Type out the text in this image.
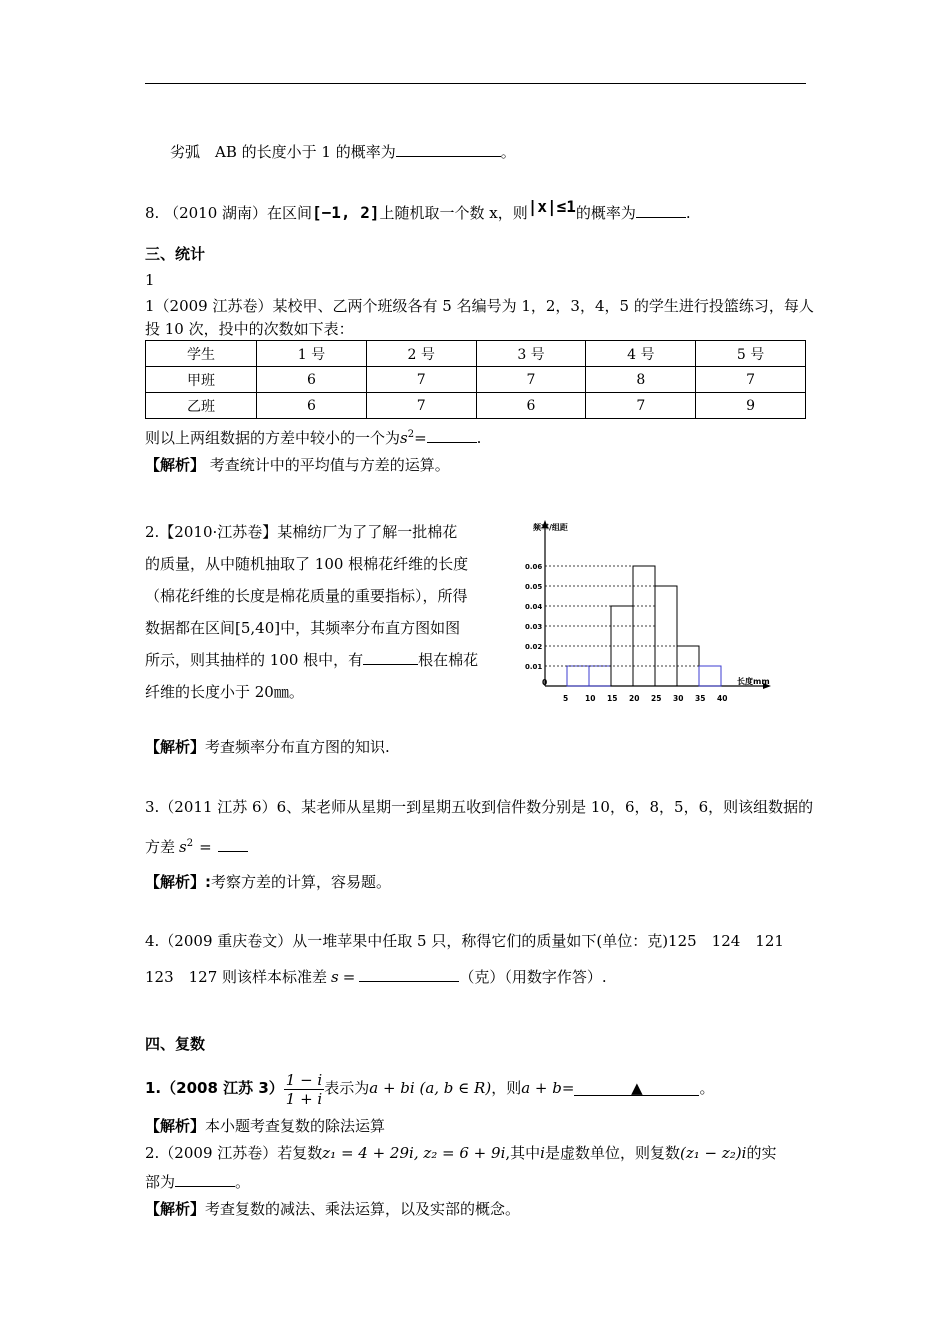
劣弧　AB 的长度小于 1 的概率为	。
8. （2010 湖南）在区间[−1, 2]上随机取一个数 x，则|x|≤1的概率为	.
三、统计
1
1（2009 江苏卷）某校甲、乙两个班级各有 5 名编号为 1，2，3，4，5 的学生进行投篮练习，每人
投 10 次，投中的次数如下表：
学生	1 号	2 号	3 号	4 号	5 号
甲班	6	7	7	8	7
乙班	6	7	6	7	9
则以上两组数据的方差中较小的一个为$s^2=$	.
【解析】 考查统计中的平均值与方差的运算。
2.【2010·江苏卷】某棉纺厂为了了解一批棉花
的质量，从中随机抽取了 100 根棉花纤维的长度
（棉花纤维的长度是棉花质量的重要指标），所得
数据都在区间[5,40]中，其频率分布直方图如图
所示，则其抽样的 100 根中，有	根在棉花
纤维的长度小于 20㎜。
【解析】考查频率分布直方图的知识.
频率/组距
长度mm
0.01
0.02
0.03
0.04
0.05
0.06
0
5 10 15 20 25 30 35 40
3.（2011 江苏 6）6、某老师从星期一到星期五收到信件数分别是 10，6，8，5，6，则该组数据的
方差 $s^2$ =
【解析】:考察方差的计算，容易题。
4.（2009 重庆卷文）从一堆苹果中任取 5 只，称得它们的质量如下(单位：克)125　124　121
123　127 则该样本标准差 s =	（克）（用数字作答）.
四、复数
1.（2008 江苏 $3) \frac{1 - i}{1 + i}$ 表示为a + bi (a, b ∈ R)，则a + b=	▲	。
【解析】本小题考查复数的除法运算
2.（2009 江苏卷）若复数z₁ = 4 + 29i, z₂ = 6 + 9i,其中i是虚数单位，则复数(z₁ − z₂)i的实
部为	。
【解析】考查复数的减法、乘法运算，以及实部的概念。
